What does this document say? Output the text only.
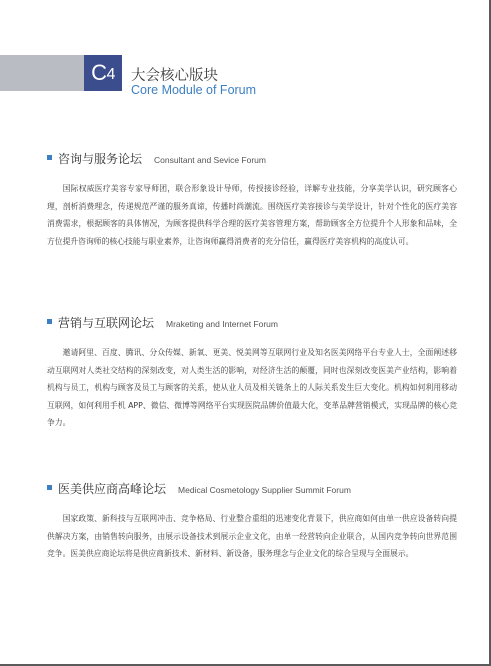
C 4 大会核心版块
Core Module of Forum
咨询与服务论坛 Consultant and Sevice Forum

国际权威医疗美容专家导师团，联合形象设计导师，传授接诊经验，详解专业技能，分享美学认识，研究顾客心理，剖析消费理念，传递规范严谨的服务真谛，传播时尚潮流。围绕医疗美容接诊与美学设计，针对个性化的医疗美容消费需求，根据顾客的具体情况，为顾客提供科学合理的医疗美容管理方案，帮助顾客全方位提升个人形象和品味，全方位提升咨询师的核心技能与职业素养，让咨询师赢得消费者的充分信任，赢得医疗美容机构的高度认可。

营销与互联网论坛 Mraketing and Internet Forum

邀请阿里、百度、腾讯、分众传媒、新氧、更美、悦美网等互联网行业及知名医美网络平台专业人士，全面阐述移动互联网对人类社交结构的深刻改变，对人类生活的影响，对经济生活的颠覆，同时也深刻改变医美产业结构，影响着机构与员工，机构与顾客及员工与顾客的关系，使从业人员及相关链条上的人际关系发生巨大变化。机构如何利用移动互联网，如何利用手机 APP、微信、微博等网络平台实现医院品牌价值最大化，变革品牌营销模式，实现品牌的核心竞争力。

医美供应商高峰论坛 Medical Cosmetology Supplier Summit Forum

国家政策、新科技与互联网冲击、竞争格局、行业整合重组的迅速变化背景下，供应商如何由单一供应设备转向提供解决方案，由销售转向服务，由展示设备技术到展示企业文化，由单一经营转向企业联合，从国内竞争转向世界范围竞争。医美供应商论坛将是供应商新技术、新材料、新设备，服务理念与企业文化的综合呈现与全面展示。
